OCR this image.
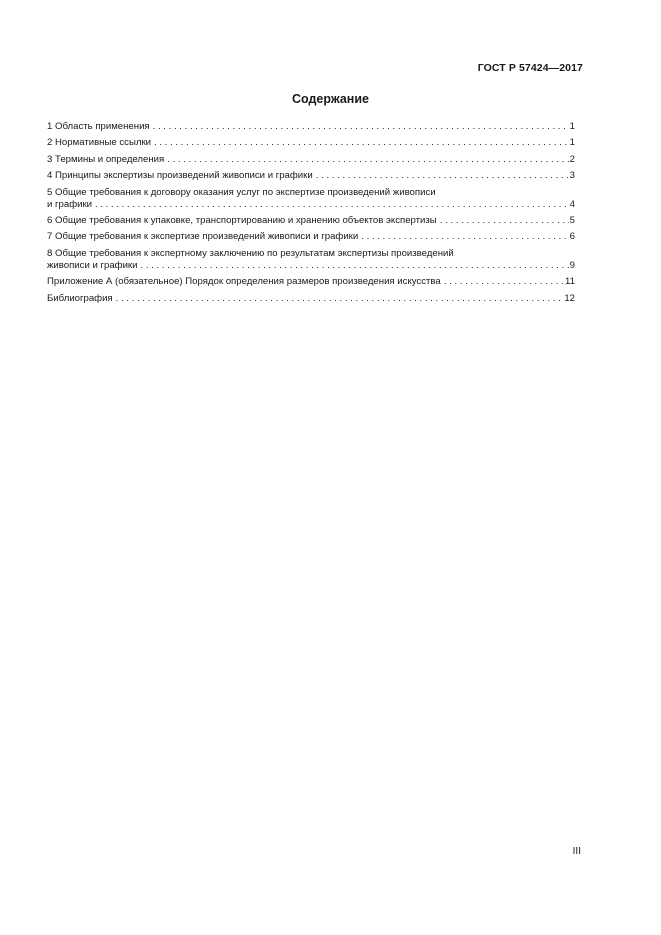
ГОСТ Р 57424—2017
Содержание
1 Область применения . . .	1
2 Нормативные ссылки . . .	1
3 Термины и определения . . .	2
4 Принципы экспертизы произведений живописи и графики . . .	3
5 Общие требования к договору оказания услуг по экспертизе произведений живописи
и графики . . .	4
6 Общие требования к упаковке, транспортированию и хранению объектов экспертизы . . .	5
7 Общие требования к экспертизе произведений живописи и графики . . .	6
8 Общие требования к экспертному заключению по результатам экспертизы произведений
живописи и графики . . .	9
Приложение А (обязательное) Порядок определения размеров произведения искусства . . .	11
Библиография . . .	12
III
